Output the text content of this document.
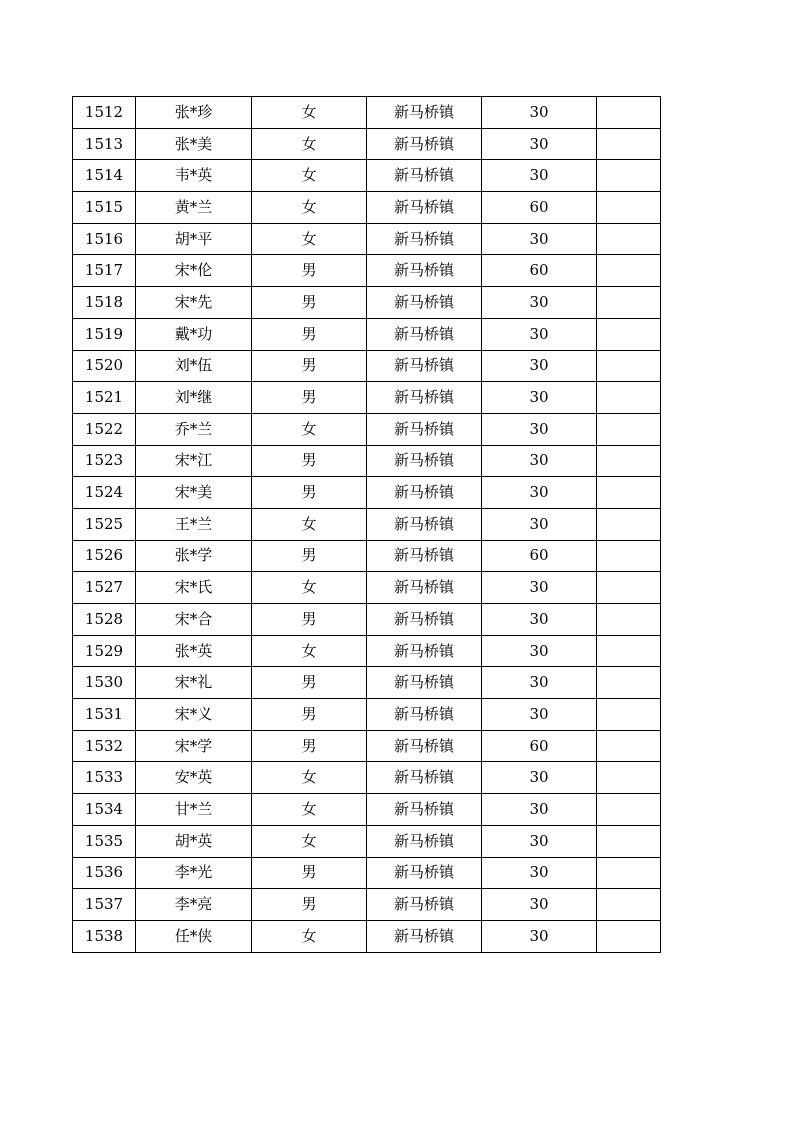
1512	张*珍	女	新马桥镇	30	
1513	张*美	女	新马桥镇	30	
1514	韦*英	女	新马桥镇	30	
1515	黄*兰	女	新马桥镇	60	
1516	胡*平	女	新马桥镇	30	
1517	宋*伦	男	新马桥镇	60	
1518	宋*先	男	新马桥镇	30	
1519	戴*功	男	新马桥镇	30	
1520	刘*伍	男	新马桥镇	30	
1521	刘*继	男	新马桥镇	30	
1522	乔*兰	女	新马桥镇	30	
1523	宋*江	男	新马桥镇	30	
1524	宋*美	男	新马桥镇	30	
1525	王*兰	女	新马桥镇	30	
1526	张*学	男	新马桥镇	60	
1527	宋*氏	女	新马桥镇	30	
1528	宋*合	男	新马桥镇	30	
1529	张*英	女	新马桥镇	30	
1530	宋*礼	男	新马桥镇	30	
1531	宋*义	男	新马桥镇	30	
1532	宋*学	男	新马桥镇	60	
1533	安*英	女	新马桥镇	30	
1534	甘*兰	女	新马桥镇	30	
1535	胡*英	女	新马桥镇	30	
1536	李*光	男	新马桥镇	30	
1537	李*亮	男	新马桥镇	30	
1538	任*侠	女	新马桥镇	30	
